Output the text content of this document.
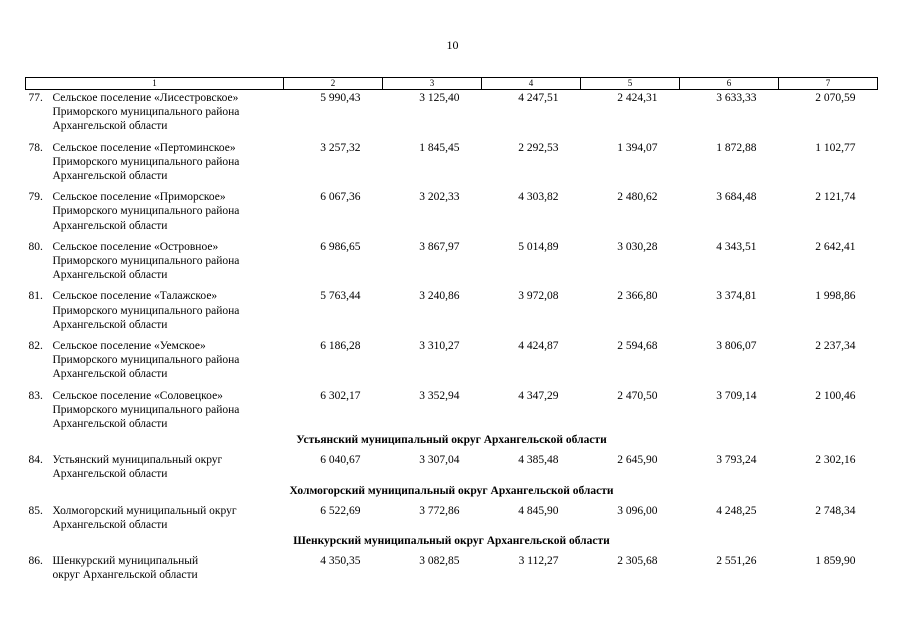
10
1	2	3	4	5	6	7
77. Сельское поселение «Лисестровское»
Приморского муниципального района
Архангельской области	5 990,43	3 125,40	4 247,51	2 424,31	3 633,33	2 070,59

78. Сельское поселение «Пертоминское»
Приморского муниципального района
Архангельской области	3 257,32	1 845,45	2 292,53	1 394,07	1 872,88	1 102,77

79. Сельское поселение «Приморское»
Приморского муниципального района
Архангельской области	6 067,36	3 202,33	4 303,82	2 480,62	3 684,48	2 121,74

80. Сельское поселение «Островное»
Приморского муниципального района
Архангельской области	6 986,65	3 867,97	5 014,89	3 030,28	4 343,51	2 642,41

81. Сельское поселение «Талажское»
Приморского муниципального района
Архангельской области	5 763,44	3 240,86	3 972,08	2 366,80	3 374,81	1 998,86

82. Сельское поселение «Уемское»
Приморского муниципального района
Архангельской области	6 186,28	3 310,27	4 424,87	2 594,68	3 806,07	2 237,34

83. Сельское поселение «Соловецкое»
Приморского муниципального района
Архангельской области	6 302,17	3 352,94	4 347,29	2 470,50	3 709,14	2 100,46

Устьянский муниципальный округ Архангельской области						
84. Устьянский муниципальный округ
Архангельской области	6 040,67	3 307,04	4 385,48	2 645,90	3 793,24	2 302,16

Холмогорский муниципальный округ Архангельской области						
85. Холмогорский муниципальный округ
Архангельской области	6 522,69	3 772,86	4 845,90	3 096,00	4 248,25	2 748,34

Шенкурский муниципальный округ Архангельской области						
86. Шенкурский муниципальный
округ Архангельской области	4 350,35	3 082,85	3 112,27	2 305,68	2 551,26	1 859,90
